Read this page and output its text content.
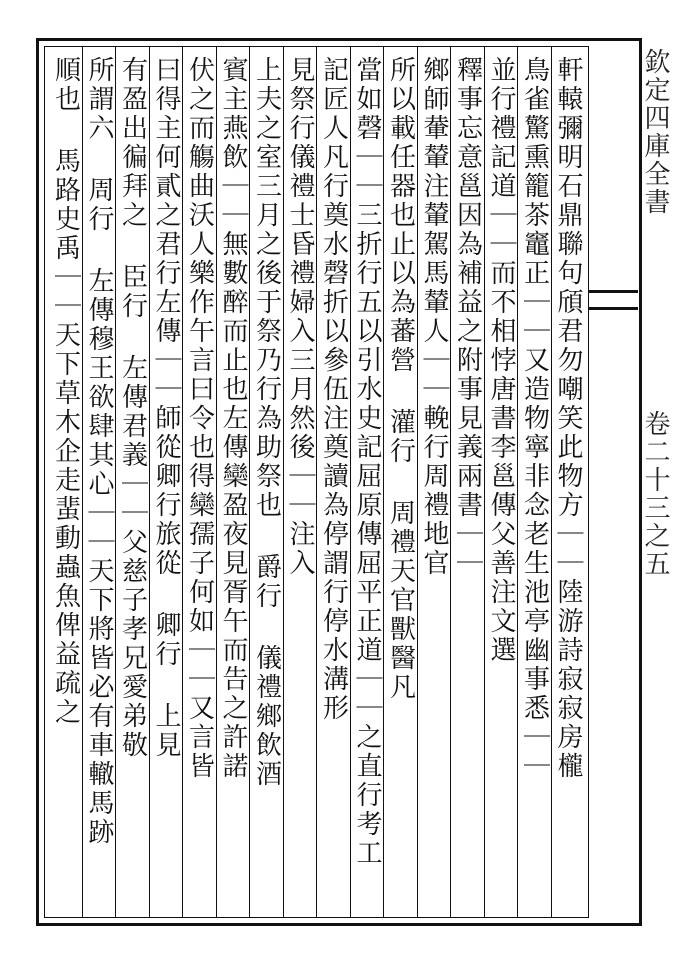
欽定四庫全書
卷二十三之五
軒轅彌明石鼎聯句頎君勿嘲笑此物方｜｜陸游詩寂寂房櫳
鳥雀驚熏籠茶竈正｜｜又造物寧非念老生池亭幽事悉｜｜
並行禮記道｜｜而不相悖唐書李邕傳父善注文選
釋事忘意邕因為補益之附事見義兩書｜｜
鄉師輂輦注輦駕馬輦人｜｜輓行周禮地官
所以載任器也止以為蕃營 灌行 周禮天官獸醫凡
當如磬｜｜三折行五以引水史記屈原傳屈平正道｜｜之直行考工
記匠人凡行奠水磬折以參伍注奠讀為停謂行停水溝形
見祭行儀禮士昏禮婦入三月然後｜｜注入
上夫之室三月之後于祭乃行為助祭也 爵行 儀禮鄉飲酒
賓主燕飲｜｜無數醉而止也左傳欒盈夜見胥午而告之許諾
伏之而觴曲沃人樂作午言曰令也得欒孺子何如｜｜又言皆
曰得主何貳之君行左傳｜｜師從卿行旅從 卿行 上見
有盈出徧拜之 臣行 左傳君義｜｜父慈子孝兄愛弟敬
所謂六 周行 左傳穆王欲肆其心｜｜天下將皆必有車轍馬跡
順也 馬路史禹｜｜天下草木企走蜚動蟲魚俾益疏之
